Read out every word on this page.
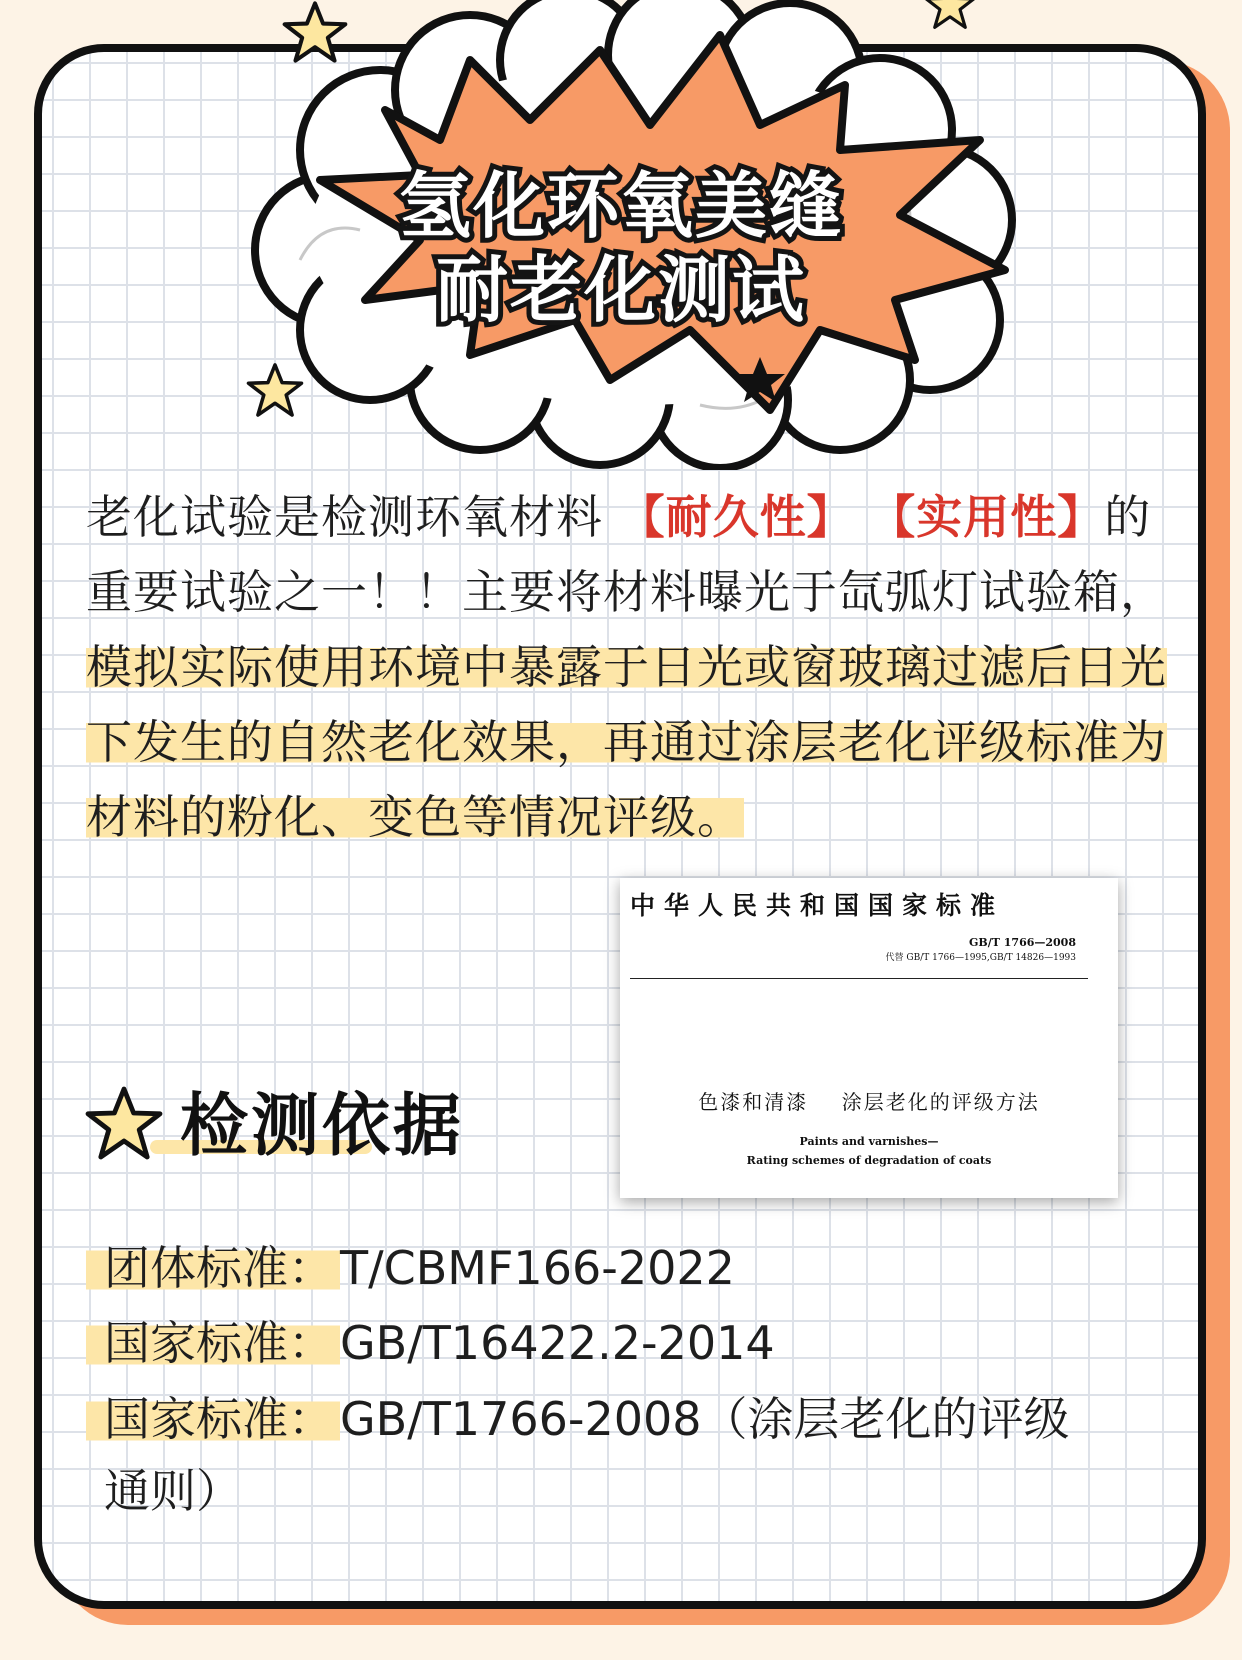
氢化环氧美缝
耐老化测试
老化试验是检测环氧材料 【耐久性】 【实用性】的重要试验之一！！主要将材料曝光于氙弧灯试验箱，模拟实际使用环境中暴露于日光或窗玻璃过滤后日光下发生的自然老化效果，再通过涂层老化评级标准为材料的粉化、变色等情况评级。
中华人民共和国国家标准
GB/T 1766—2008
代替 GB/T 1766—1995,GB/T 14826—1993
色漆和清漆    涂层老化的评级方法
Paints and varnishes—
Rating schemes of degradation of coats
检测依据
团体标准： T/CBMF166-2022
国家标准： GB/T16422.2-2014
国家标准： GB/T1766-2008（涂层老化的评级
通则）
